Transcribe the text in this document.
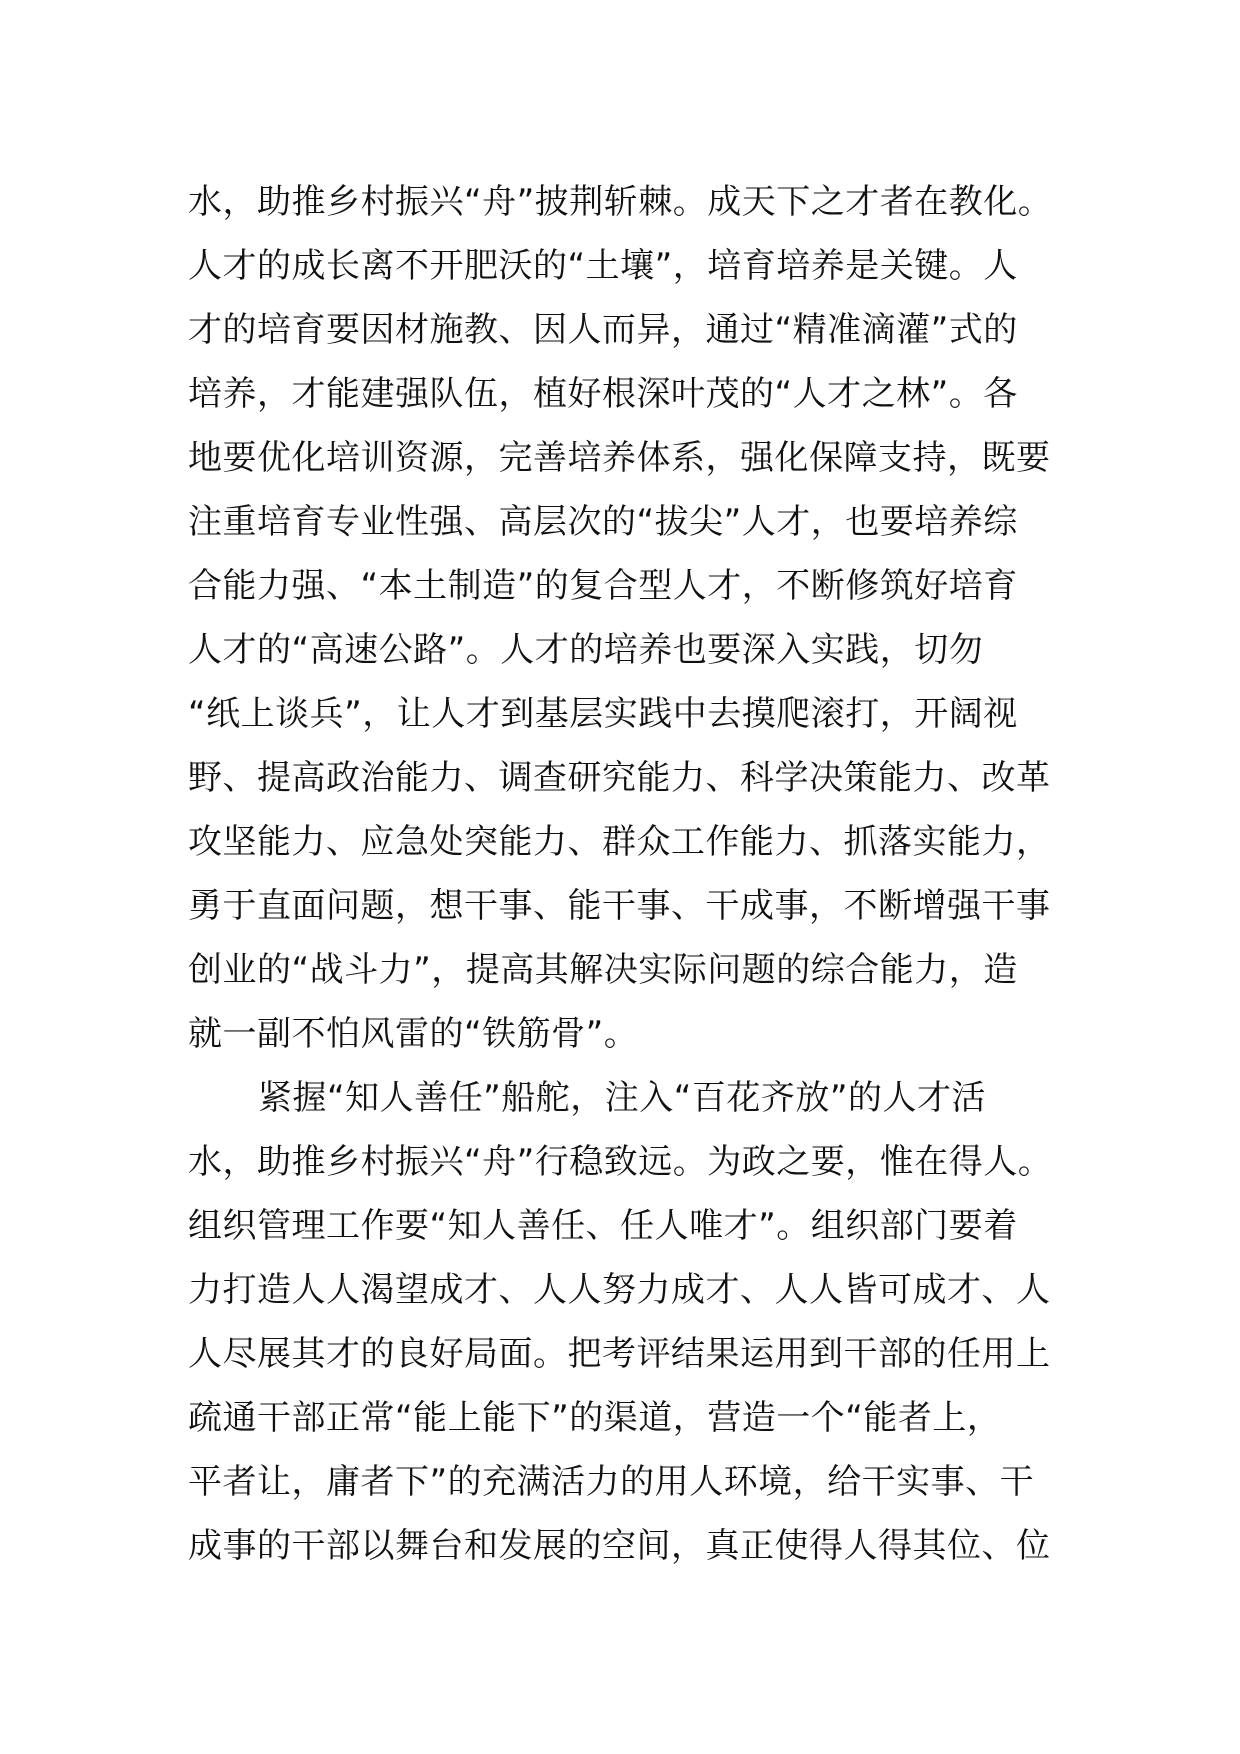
水，助推乡村振兴“舟”披荆斩棘。成天下之才者在教化。
人才的成长离不开肥沃的“土壤”，培育培养是关键。人
才的培育要因材施教、因人而异，通过“精准滴灌”式的
培养，才能建强队伍，植好根深叶茂的“人才之林”。各
地要优化培训资源，完善培养体系，强化保障支持，既要
注重培育专业性强、高层次的“拔尖”人才，也要培养综
合能力强、“本土制造”的复合型人才，不断修筑好培育
人才的“高速公路”。人才的培养也要深入实践，切勿
“纸上谈兵”，让人才到基层实践中去摸爬滚打，开阔视
野、提高政治能力、调查研究能力、科学决策能力、改革
攻坚能力、应急处突能力、群众工作能力、抓落实能力，
勇于直面问题，想干事、能干事、干成事，不断增强干事
创业的“战斗力”，提高其解决实际问题的综合能力，造
就一副不怕风雷的“铁筋骨”。
紧握“知人善任”船舵，注入“百花齐放”的人才活
水，助推乡村振兴“舟”行稳致远。为政之要，惟在得人。
组织管理工作要“知人善任、任人唯才”。组织部门要着
力打造人人渴望成才、人人努力成才、人人皆可成才、人
人尽展其才的良好局面。把考评结果运用到干部的任用上
疏通干部正常“能上能下”的渠道，营造一个“能者上，
平者让，庸者下”的充满活力的用人环境，给干实事、干
成事的干部以舞台和发展的空间，真正使得人得其位、位
